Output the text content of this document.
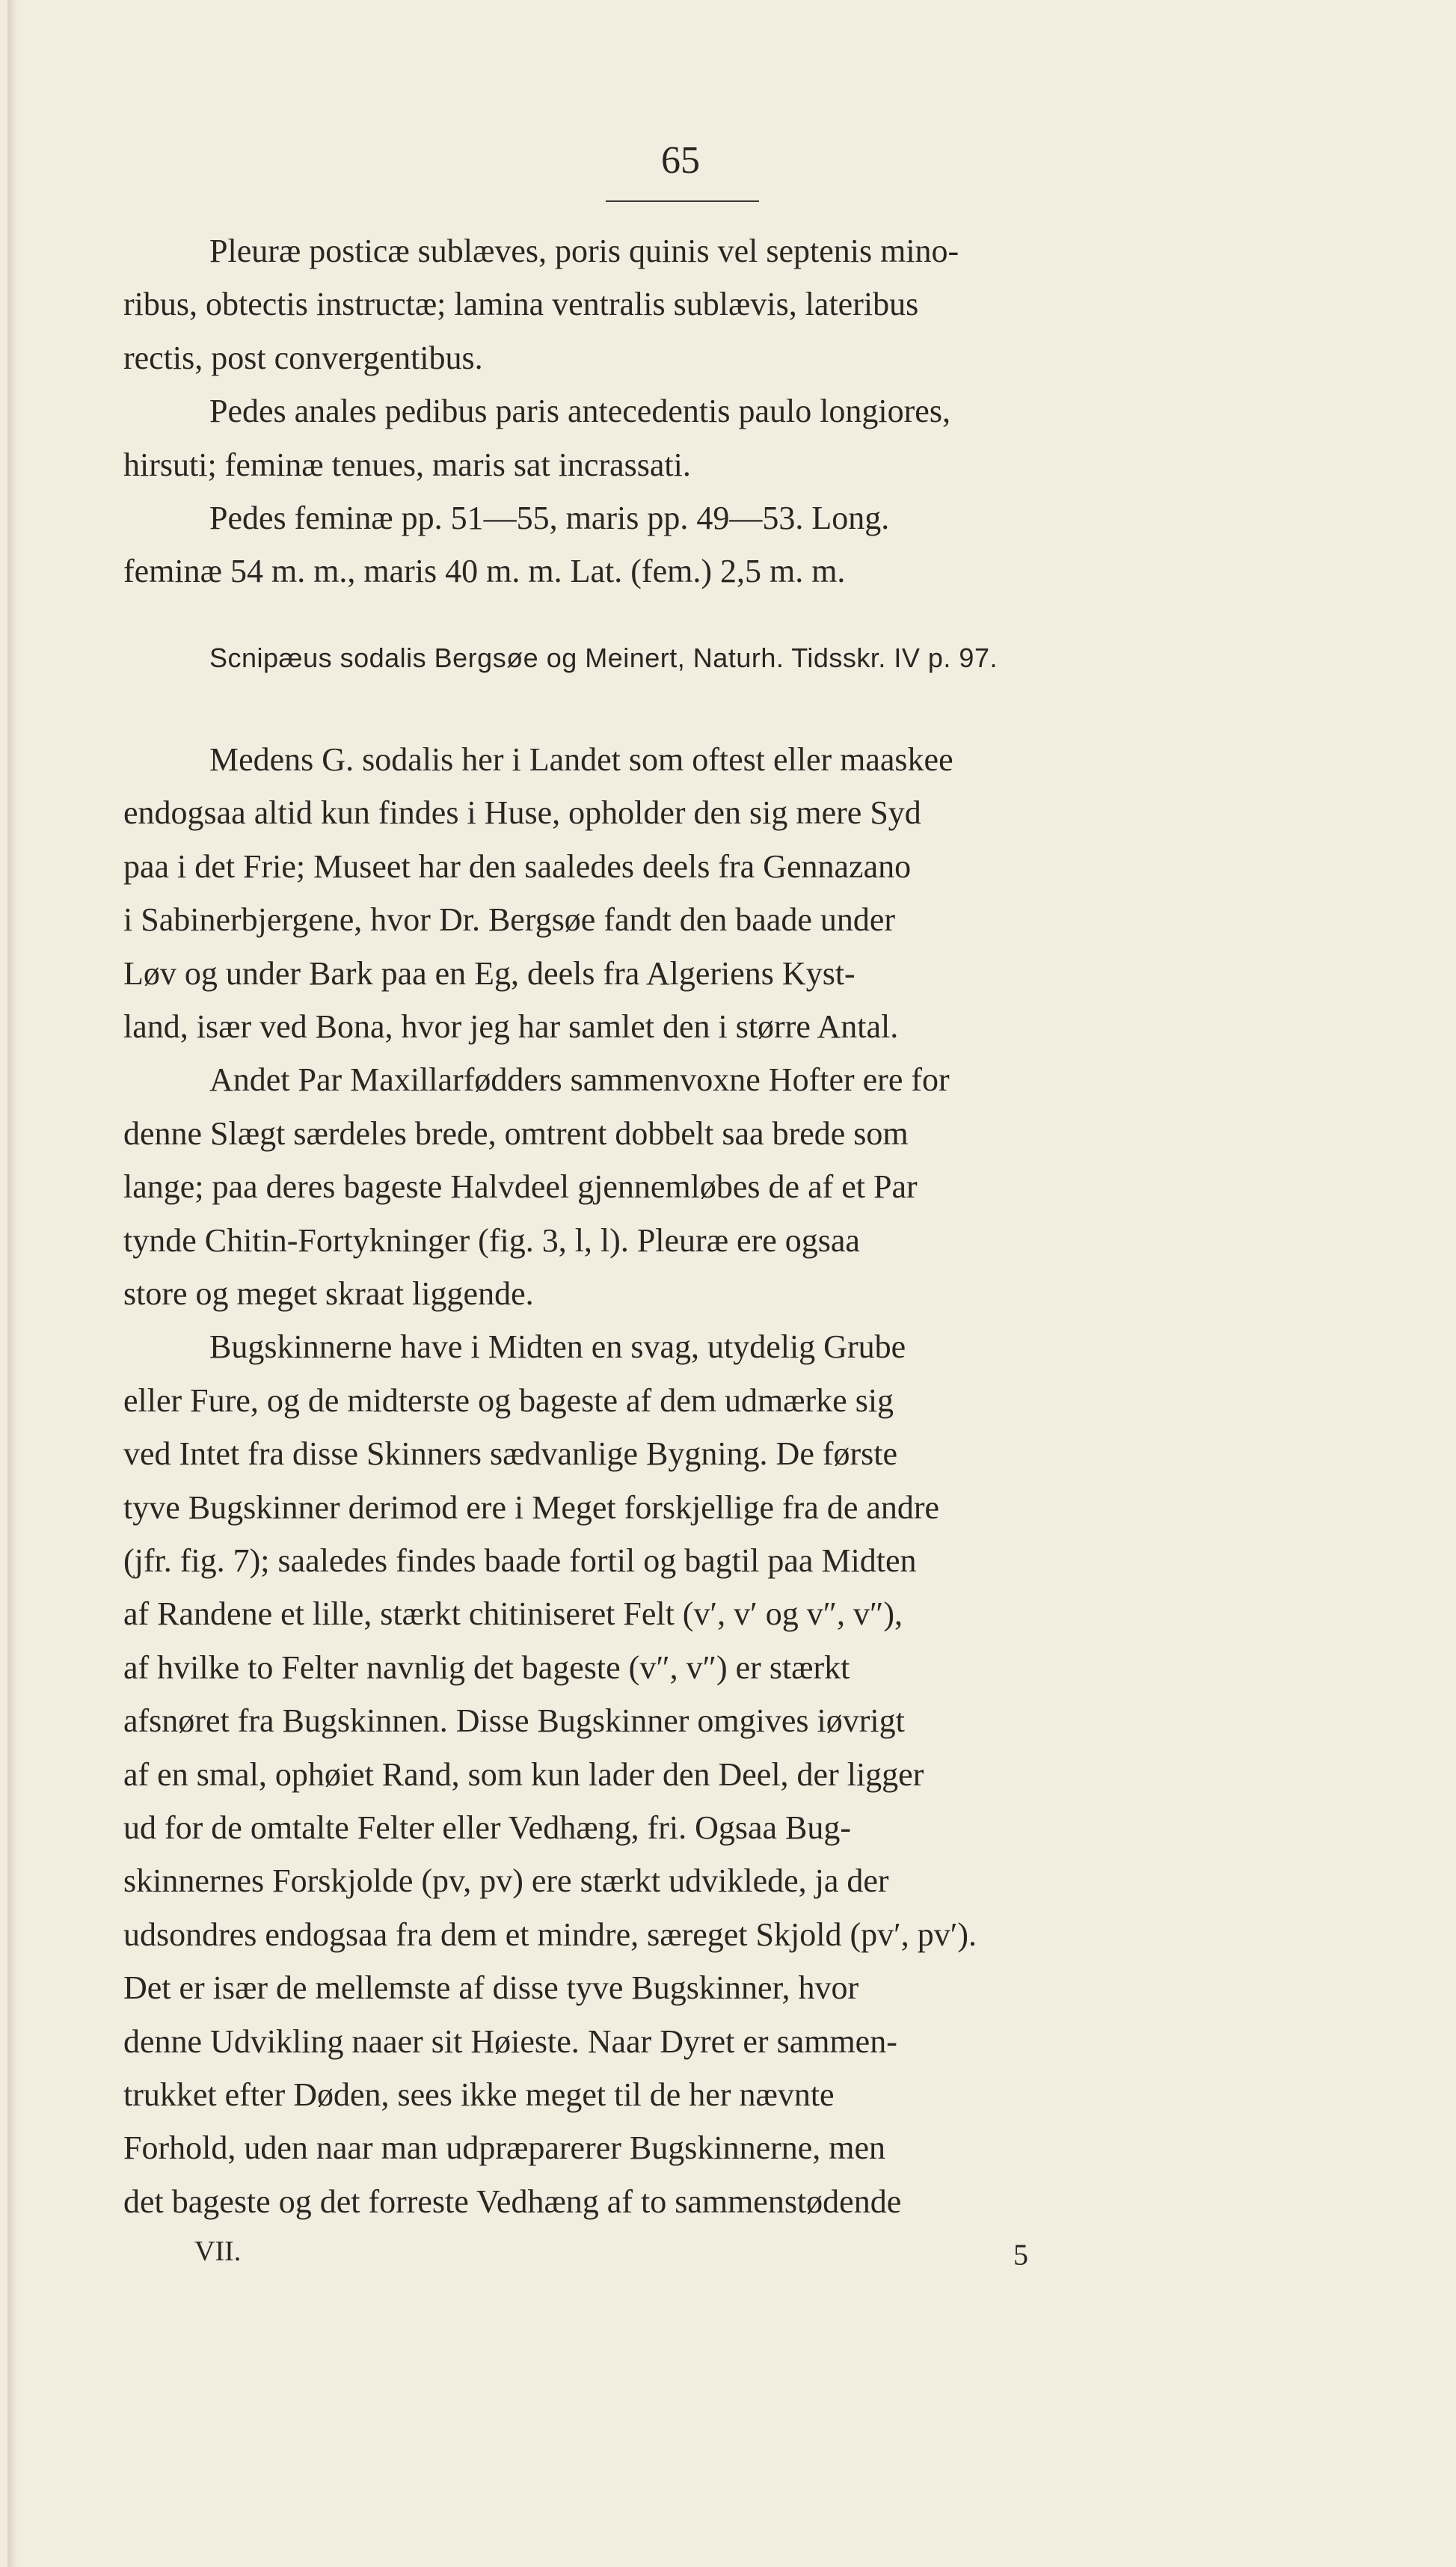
65

Pleuræ posticæ sublæves, poris quinis vel septenis mino-
ribus, obtectis instructæ; lamina ventralis sublævis, lateribus
rectis, post convergentibus.
Pedes anales pedibus paris antecedentis paulo longiores,
hirsuti; feminæ tenues, maris sat incrassati.
Pedes feminæ pp. 51—55, maris pp. 49—53. Long.
feminæ 54 m. m., maris 40 m. m. Lat. (fem.) 2,5 m. m.

Scnipæus sodalis Bergsøe og Meinert, Naturh. Tidsskr. IV p. 97.

Medens G. sodalis her i Landet som oftest eller maaskee
endogsaa altid kun findes i Huse, opholder den sig mere Syd
paa i det Frie; Museet har den saaledes deels fra Gennazano
i Sabinerbjergene, hvor Dr. Bergsøe fandt den baade under
Løv og under Bark paa en Eg, deels fra Algeriens Kyst-
land, især ved Bona, hvor jeg har samlet den i større Antal.

Andet Par Maxillarfødders sammenvoxne Hofter ere for
denne Slægt særdeles brede, omtrent dobbelt saa brede som
lange; paa deres bageste Halvdeel gjennemløbes de af et Par
tynde Chitin-Fortykninger (fig. 3, l, l). Pleuræ ere ogsaa
store og meget skraat liggende.

Bugskinnerne have i Midten en svag, utydelig Grube
eller Fure, og de midterste og bageste af dem udmærke sig
ved Intet fra disse Skinners sædvanlige Bygning. De første
tyve Bugskinner derimod ere i Meget forskjellige fra de andre
(jfr. fig. 7); saaledes findes baade fortil og bagtil paa Midten
af Randene et lille, stærkt chitiniseret Felt (v′, v′ og v″, v″),
af hvilke to Felter navnlig det bageste (v″, v″) er stærkt
afsnøret fra Bugskinnen. Disse Bugskinner omgives iøvrigt
af en smal, ophøiet Rand, som kun lader den Deel, der ligger
ud for de omtalte Felter eller Vedhæng, fri. Ogsaa Bug-
skinnernes Forskjolde (pv, pv) ere stærkt udviklede, ja der
udsondres endogsaa fra dem et mindre, særeget Skjold (pv′, pv′).
Det er især de mellemste af disse tyve Bugskinner, hvor
denne Udvikling naaer sit Høieste. Naar Dyret er sammen-
trukket efter Døden, sees ikke meget til de her nævnte
Forhold, uden naar man udpræparerer Bugskinnerne, men
det bageste og det forreste Vedhæng af to sammenstødende

VII.	5
